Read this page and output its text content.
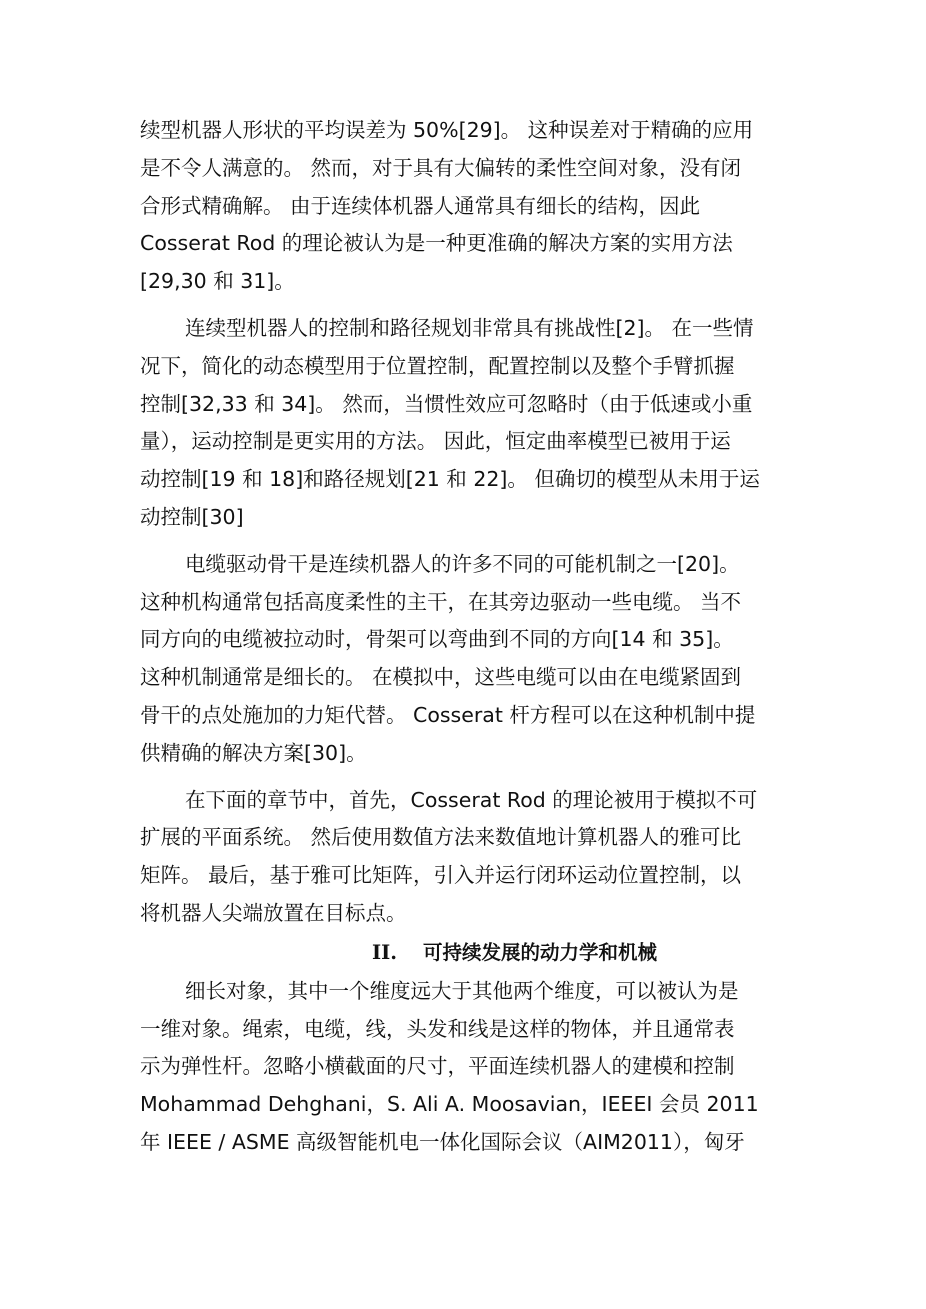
续型机器人形状的平均误差为 50%[29]。 这种误差对于精确的应用
是不令人满意的。 然而，对于具有大偏转的柔性空间对象，没有闭
合形式精确解。 由于连续体机器人通常具有细长的结构，因此
Cosserat Rod 的理论被认为是一种更准确的解决方案的实用方法
[29,30 和 31]。
连续型机器人的控制和路径规划非常具有挑战性[2]。 在一些情
况下，简化的动态模型用于位置控制，配置控制以及整个手臂抓握
控制[32,33 和 34]。 然而，当惯性效应可忽略时（由于低速或小重
量），运动控制是更实用的方法。 因此，恒定曲率模型已被用于运
动控制[19 和 18]和路径规划[21 和 22]。 但确切的模型从未用于运
动控制[30]
电缆驱动骨干是连续机器人的许多不同的可能机制之一[20]。
这种机构通常包括高度柔性的主干，在其旁边驱动一些电缆。 当不
同方向的电缆被拉动时，骨架可以弯曲到不同的方向[14 和 35]。
这种机制通常是细长的。 在模拟中，这些电缆可以由在电缆紧固到
骨干的点处施加的力矩代替。 Cosserat 杆方程可以在这种机制中提
供精确的解决方案[30]。
在下面的章节中，首先，Cosserat Rod 的理论被用于模拟不可
扩展的平面系统。 然后使用数值方法来数值地计算机器人的雅可比
矩阵。 最后，基于雅可比矩阵，引入并运行闭环运动位置控制，以
将机器人尖端放置在目标点。
II. 可持续发展的动力学和机械
细长对象，其中一个维度远大于其他两个维度，可以被认为是
一维对象。绳索，电缆，线，头发和线是这样的物体，并且通常表
示为弹性杆。忽略小横截面的尺寸，平面连续机器人的建模和控制
Mohammad Dehghani，S. Ali A. Moosavian，IEEEI 会员 2011
年 IEEE / ASME 高级智能机电一体化国际会议（AIM2011），匈牙
